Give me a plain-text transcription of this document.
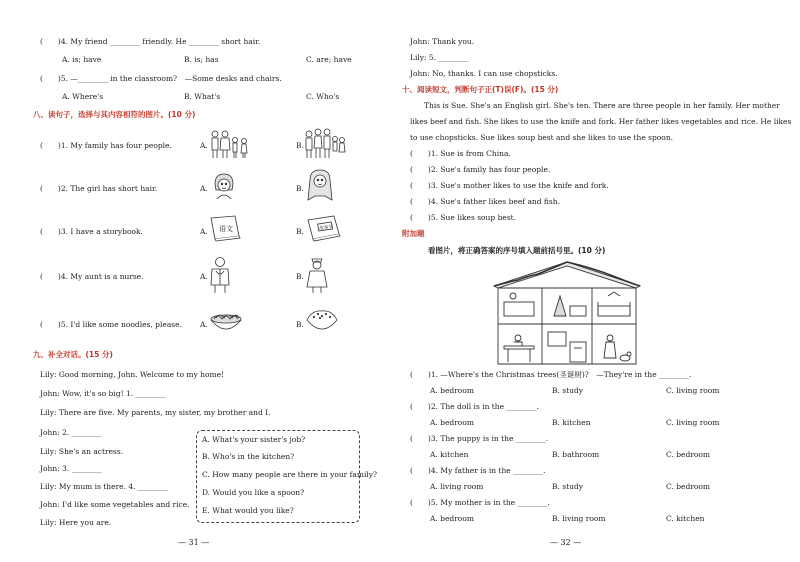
(　　)4. My friend ________ friendly. He ________ short hair.
A. is; have	B. is; has	C. are; have
(　　)5. —________ in the classroom?　—Some desks and chairs.
A. Where's	B. What's	C. Who's
八、读句子，选择与其内容相符的图片。(10 分)
(　　)1. My family has four people.	A.	B.
(　　)2. The girl has short hair.	A.	B.
(　　)3. I have a storybook.	A. 语文	B.	故事书
(　　)4. My aunt is a nurse.	A.	B.
(　　)5. I'd like some noodles, please. A.	B.
九、补全对话。(15 分)
Lily: Good morning, John. Welcome to my home!
John: Wow, it's so big! 1. ________
Lily: There are five. My parents, my sister, my brother and I.
John: 2. ________
Lily: She's an actress.
John: 3. ________
Lily: My mum is there. 4. ________
John: I'd like some vegetables and rice.
Lily: Here you are.
A. What's your sister's job?
B. Who's in the kitchen?
C. How many people are there in your family?
D. Would you like a spoon?
E. What would you like?
— 31 —
John: Thank you.
Lily: 5. ________
John: No, thanks. I can use chopsticks.
十、阅读短文，判断句子正(T)误(F)。(15 分)
This is Sue. She's an English girl. She's ten. There are three people in her family. Her mother
likes beef and fish. She likes to use the knife and fork. Her father likes vegetables and rice. He likes
to use chopsticks. Sue likes soup best and she likes to use the spoon.
(　　)1. Sue is from China.
(　　)2. Sue's family has four people.
(　　)3. Sue's mother likes to use the knife and fork.
(　　)4. Sue's father likes beef and fish.
(　　)5. Sue likes soup best.
附加题
看图片，将正确答案的序号填入题前括号里。(10 分)
(　　)1. —Where's the Christmas trees(圣诞树)?　—They're in the ________.
A. bedroom	B. study	C. living room
(　　)2. The doll is in the ________.
A. bedroom	B. kitchen	C. living room
(　　)3. The puppy is in the ________.
A. kitchen	B. bathroom	C. bedroom
(　　)4. My father is in the ________.
A. living room	B. study	C. bedroom
(　　)5. My mother is in the ________.
A. bedroom	B. living room	C. kitchen
— 32 —
